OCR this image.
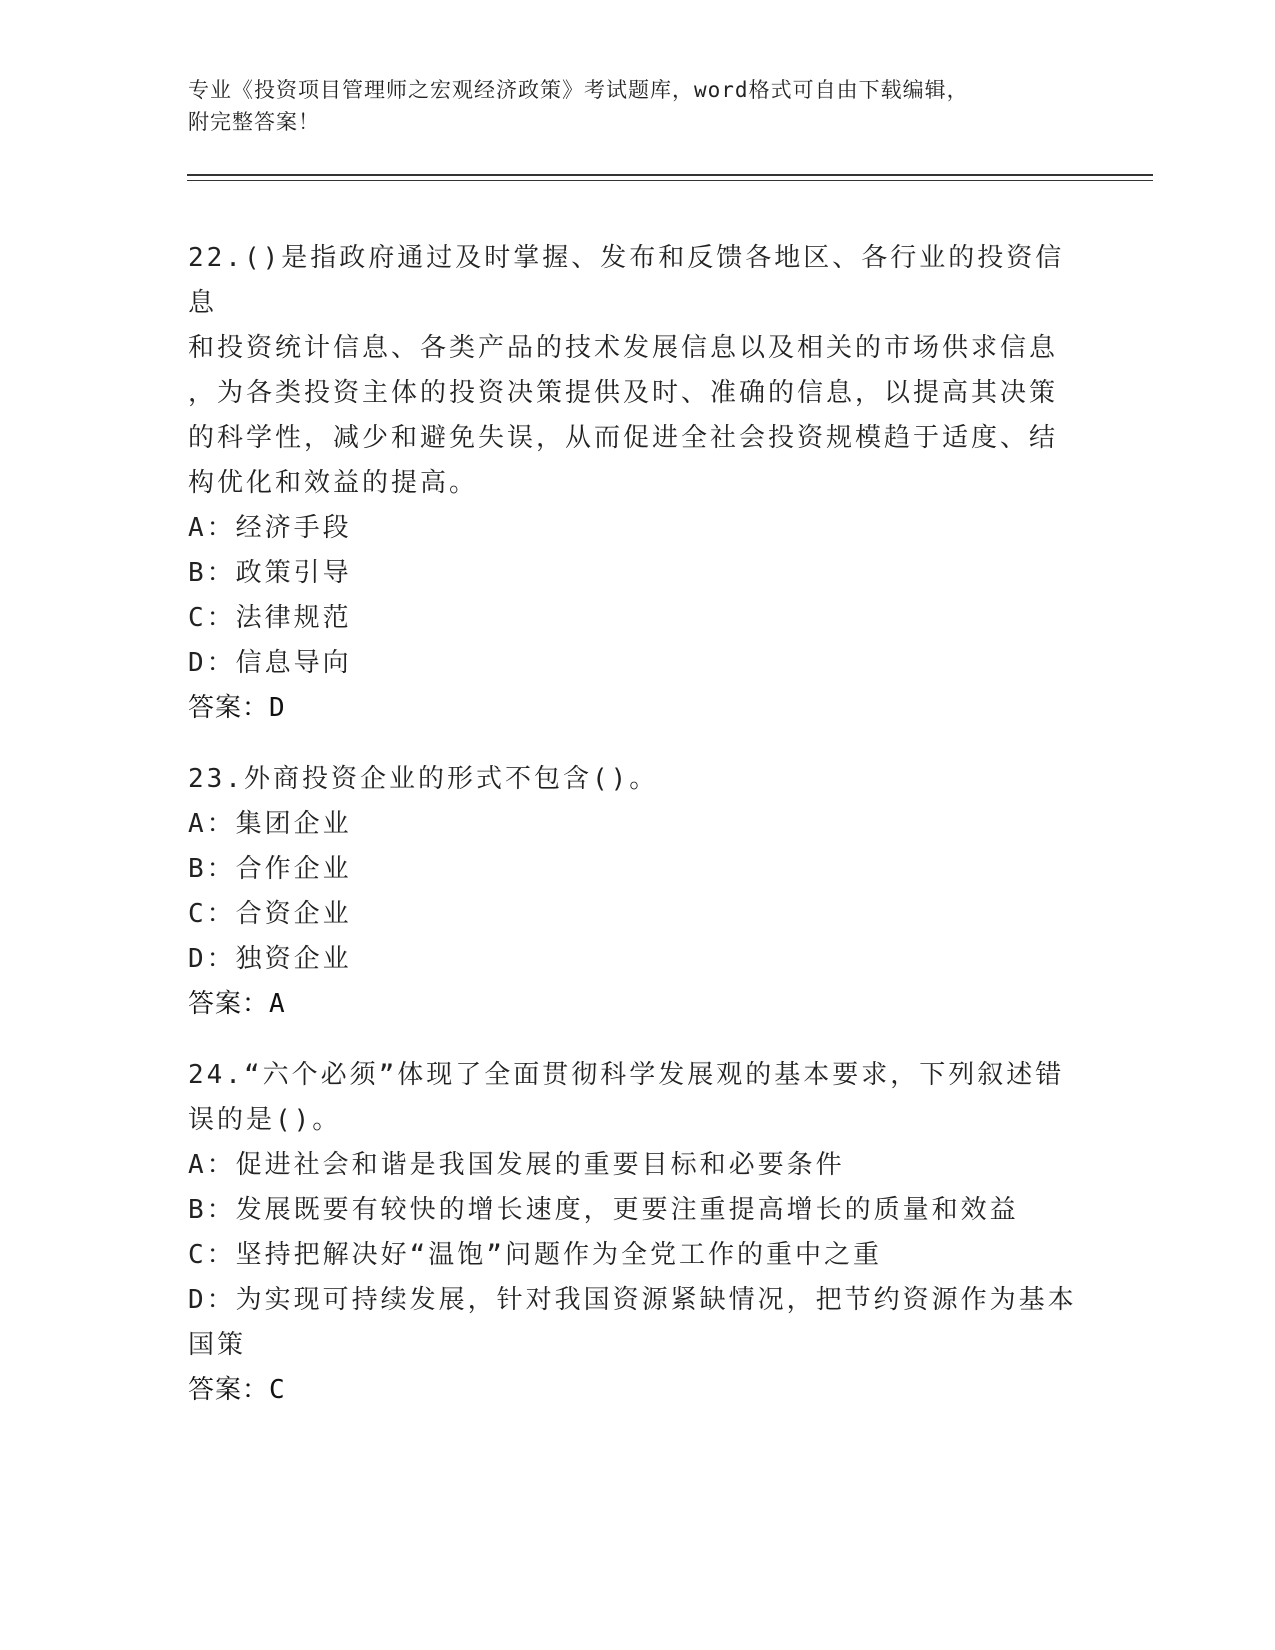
专业《投资项目管理师之宏观经济政策》考试题库，word格式可自由下载编辑，
附完整答案！

22.()是指政府通过及时掌握、发布和反馈各地区、各行业的投资信息

和投资统计信息、各类产品的技术发展信息以及相关的市场供求信息

，为各类投资主体的投资决策提供及时、准确的信息，以提高其决策

的科学性，减少和避免失误，从而促进全社会投资规模趋于适度、结

构优化和效益的提高。

A：经济手段

B：政策引导

C：法律规范

D：信息导向

答案：D

23.外商投资企业的形式不包含()。

A：集团企业

B：合作企业

C：合资企业

D：独资企业

答案：A

24.“六个必须”体现了全面贯彻科学发展观的基本要求，下列叙述错

误的是()。

A：促进社会和谐是我国发展的重要目标和必要条件

B：发展既要有较快的增长速度，更要注重提高增长的质量和效益

C：坚持把解决好“温饱”问题作为全党工作的重中之重

D：为实现可持续发展，针对我国资源紧缺情况，把节约资源作为基本

国策

答案：C
